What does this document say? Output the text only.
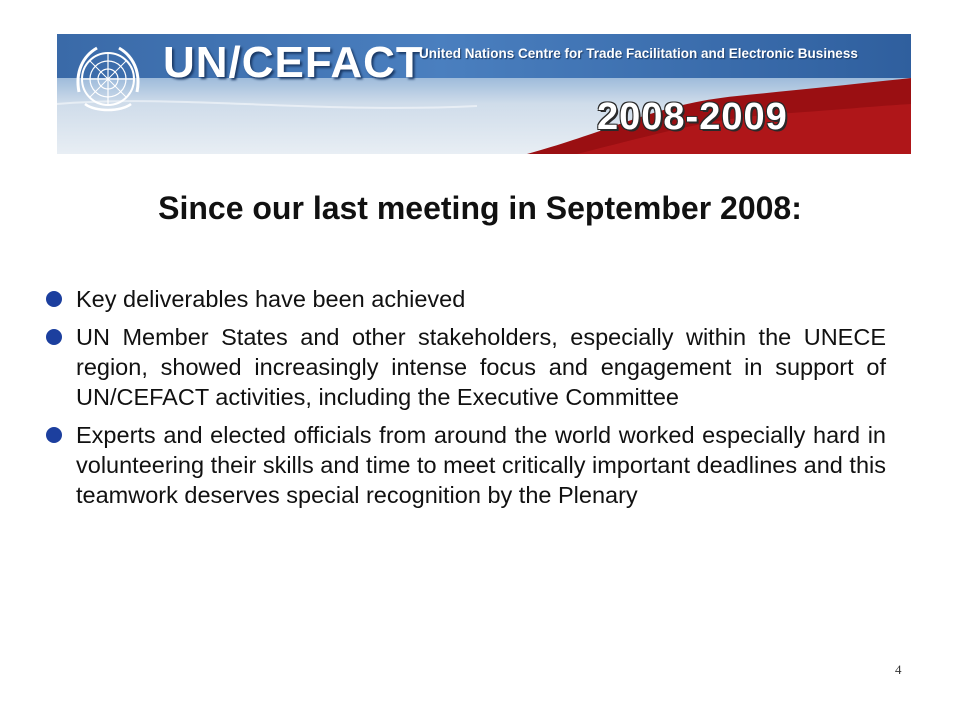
UN/CEFACT
United Nations Centre for Trade Facilitation and Electronic Business
2008-2009
Since our last meeting in September 2008:
Key deliverables have been achieved
UN Member States and other stakeholders, especially within the UNECE region, showed increasingly intense focus and engagement in support of UN/CEFACT activities, including the Executive Committee
Experts and elected officials from around the world worked especially hard in volunteering their skills and time to meet critically important deadlines and this teamwork deserves special recognition by the Plenary
4
